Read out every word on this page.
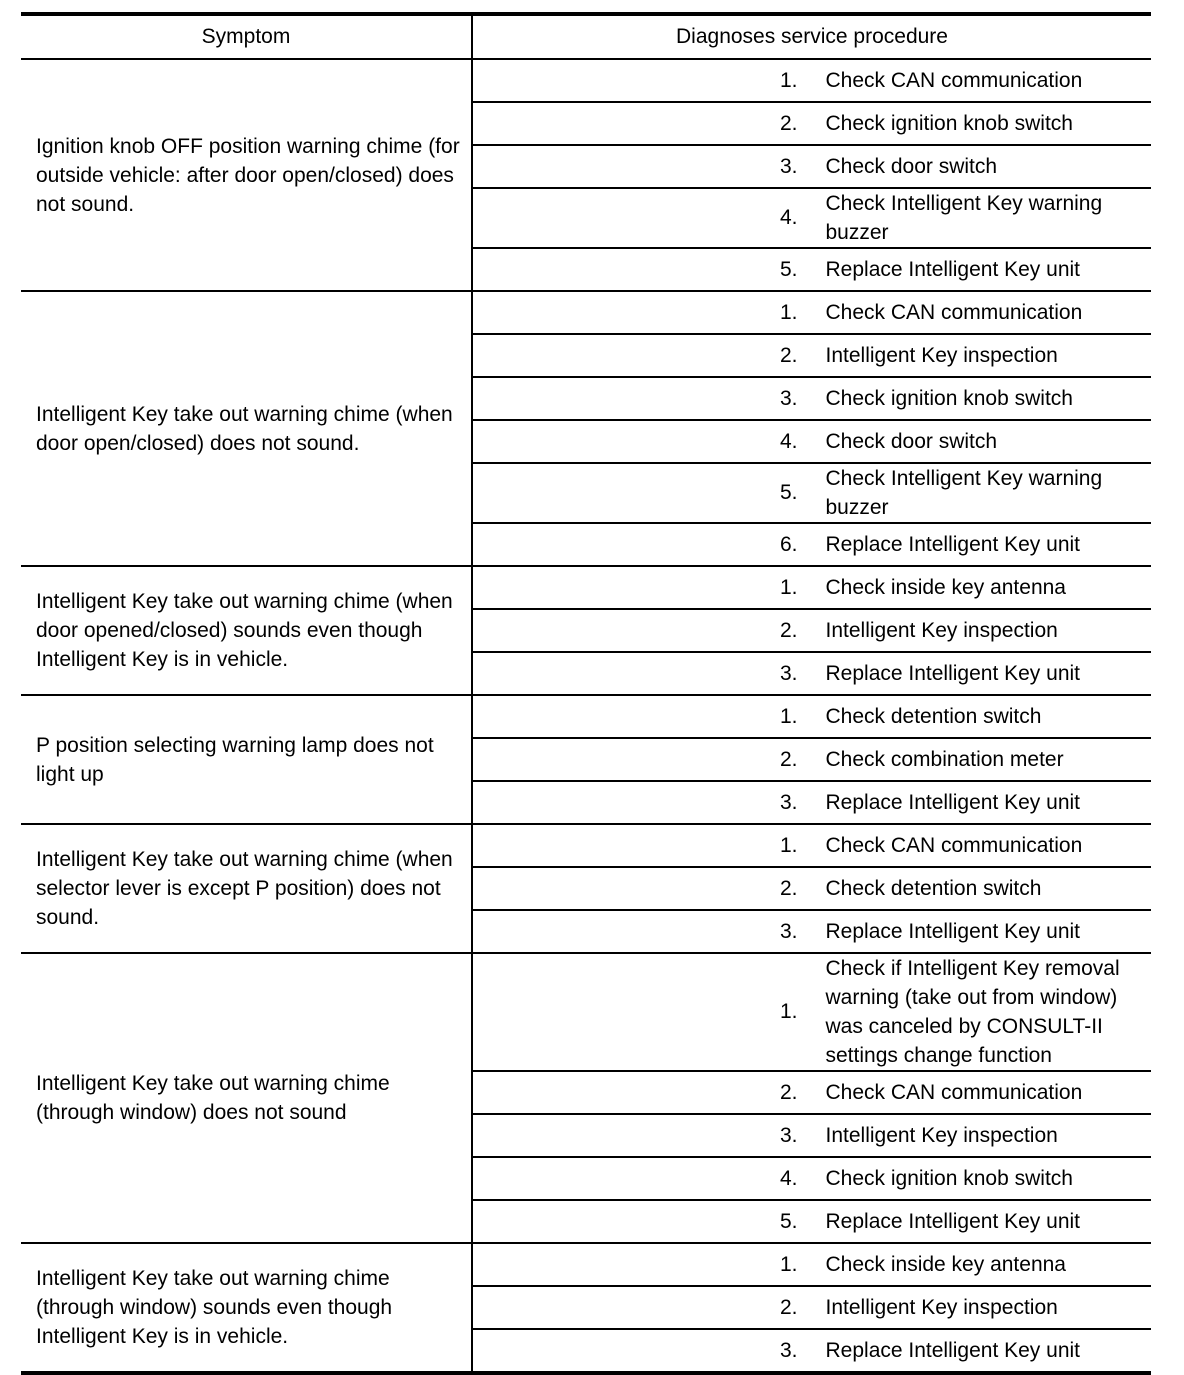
Symptom	Diagnoses service procedure	
Ignition knob OFF position warning chime (for outside vehicle: after door open/closed) does not sound.	1.	Check CAN communication
	2.	Check ignition knob switch
	3.	Check door switch
	4.	Check Intelligent Key warning buzzer
	5.	Replace Intelligent Key unit
Intelligent Key take out warning chime (when door open/closed) does not sound.	1.	Check CAN communication
	2.	Intelligent Key inspection
	3.	Check ignition knob switch
	4.	Check door switch
	5.	Check Intelligent Key warning buzzer
	6.	Replace Intelligent Key unit
Intelligent Key take out warning chime (when door opened/closed) sounds even though Intelligent Key is in vehicle.	1.	Check inside key antenna
	2.	Intelligent Key inspection
	3.	Replace Intelligent Key unit
P position selecting warning lamp does not light up	1.	Check detention switch
	2.	Check combination meter
	3.	Replace Intelligent Key unit
Intelligent Key take out warning chime (when selector lever is except P position) does not sound.	1.	Check CAN communication
	2.	Check detention switch
	3.	Replace Intelligent Key unit
Intelligent Key take out warning chime (through window) does not sound	1.	Check if Intelligent Key removal warning (take out from window) was canceled by CONSULT-II settings change function
	2.	Check CAN communication
	3.	Intelligent Key inspection
	4.	Check ignition knob switch
	5.	Replace Intelligent Key unit
Intelligent Key take out warning chime (through window) sounds even though Intelligent Key is in vehicle.	1.	Check inside key antenna
	2.	Intelligent Key inspection
	3.	Replace Intelligent Key unit
